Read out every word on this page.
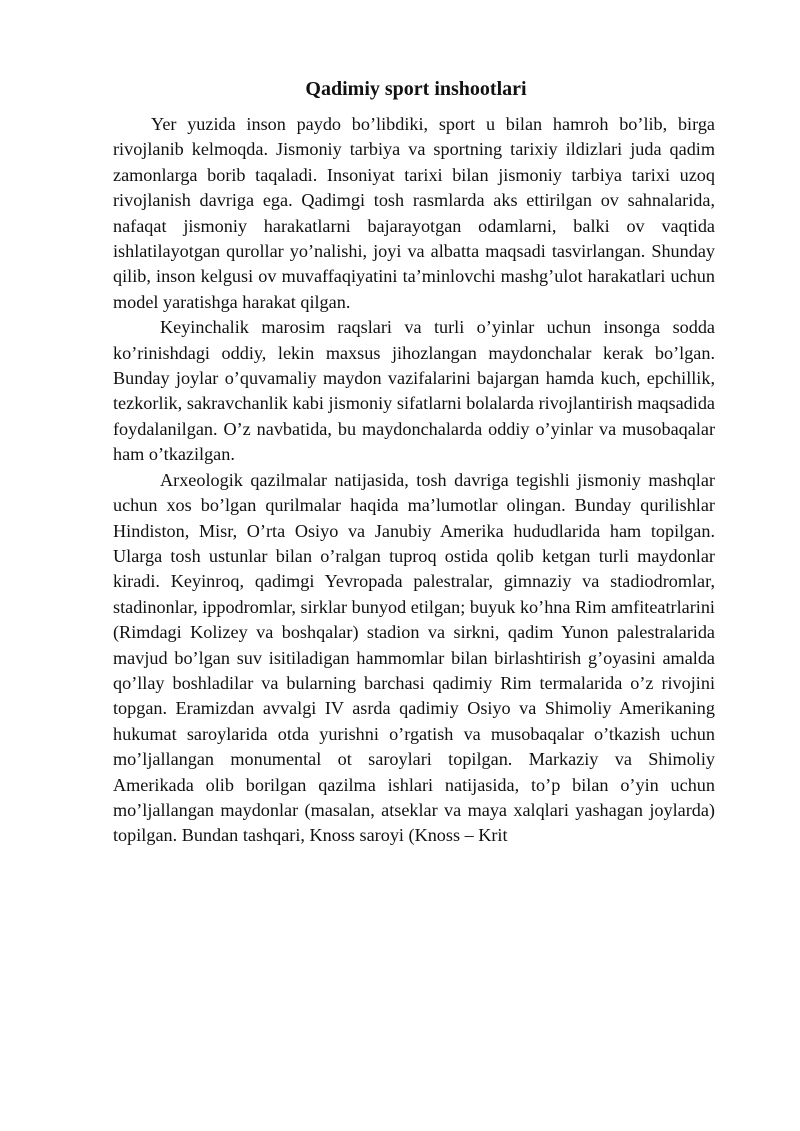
Qadimiy sport inshootlari

Yer yuzida inson paydo bo’libdiki, sport u bilan hamroh bo’lib, birga rivojlanib kelmoqda. Jismoniy tarbiya va sportning tarixiy ildizlari juda qadim zamonlarga borib taqaladi. Insoniyat tarixi bilan jismoniy tarbiya tarixi uzoq rivojlanish davriga ega. Qadimgi tosh rasmlarda aks ettirilgan ov sahnalarida, nafaqat jismoniy harakatlarni bajarayotgan odamlarni, balki ov vaqtida ishlatilayotgan qurollar yo’nalishi, joyi va albatta maqsadi tasvirlangan. Shunday qilib, inson kelgusi ov muvaffaqiyatini ta’minlovchi mashg’ulot harakatlari uchun model yaratishga harakat qilgan.

Keyinchalik marosim raqslari va turli o’yinlar uchun insonga sodda ko’rinishdagi oddiy, lekin maxsus jihozlangan maydonchalar kerak bo’lgan. Bunday joylar o’quvamaliy maydon vazifalarini bajargan hamda kuch, epchillik, tezkorlik, sakravchanlik kabi jismoniy sifatlarni bolalarda rivojlantirish maqsadida foydalanilgan. O’z navbatida, bu maydonchalarda oddiy o’yinlar va musobaqalar ham o’tkazilgan.

Arxeologik qazilmalar natijasida, tosh davriga tegishli jismoniy mashqlar uchun xos bo’lgan qurilmalar haqida ma’lumotlar olingan. Bunday qurilishlar Hindiston, Misr, O’rta Osiyo va Janubiy Amerika hududlarida ham topilgan. Ularga tosh ustunlar bilan o’ralgan tuproq ostida qolib ketgan turli maydonlar kiradi. Keyinroq, qadimgi Yevropada palestralar, gimnaziy va stadiodromlar, stadinonlar, ippodromlar, sirklar bunyod etilgan; buyuk ko’hna Rim amfiteatrlarini (Rimdagi Kolizey va boshqalar) stadion va sirkni, qadim Yunon palestralarida mavjud bo’lgan suv isitiladigan hammomlar bilan birlashtirish g’oyasini amalda qo’llay boshladilar va bularning barchasi qadimiy Rim termalarida o’z rivojini topgan. Eramizdan avvalgi IV asrda qadimiy Osiyo va Shimoliy Amerikaning hukumat saroylarida otda yurishni o’rgatish va musobaqalar o’tkazish uchun mo’ljallangan monumental ot saroylari topilgan. Markaziy va Shimoliy Amerikada olib borilgan qazilma ishlari natijasida, to’p bilan o’yin uchun mo’ljallangan maydonlar (masalan, atseklar va maya xalqlari yashagan joylarda) topilgan. Bundan tashqari, Knoss saroyi (Knoss – Krit
